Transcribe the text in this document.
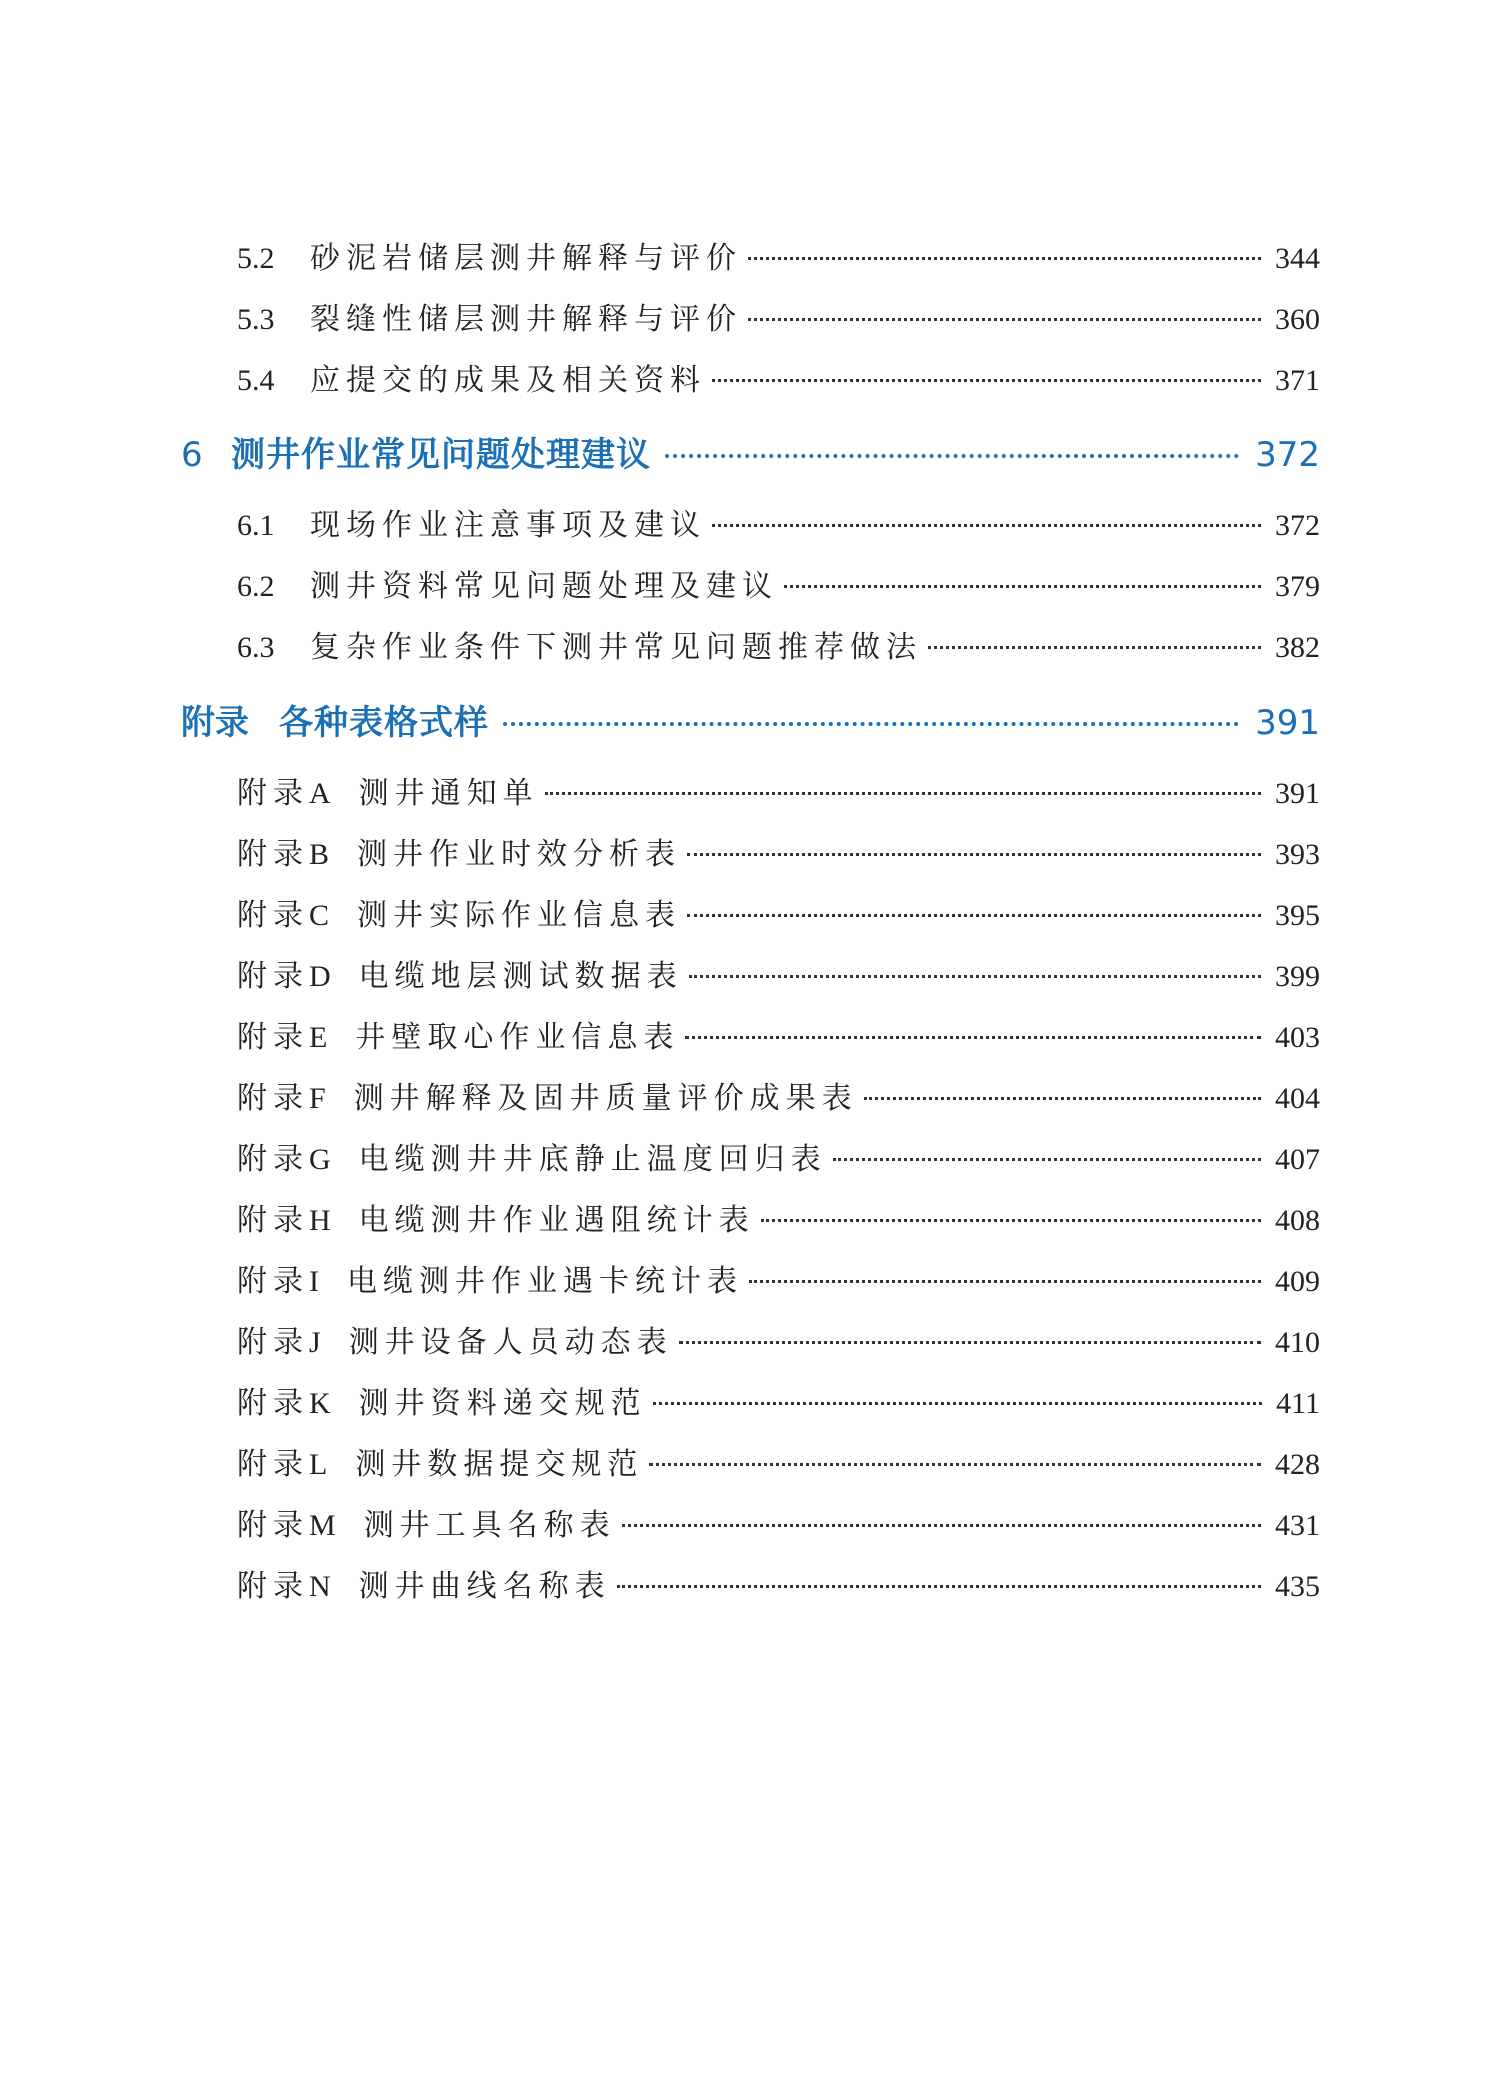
5.2	砂泥岩储层测井解释与评价	344
5.3	裂缝性储层测井解释与评价	360
5.4	应提交的成果及相关资料	371
6 测井作业常见问题处理建议	372
6.1	现场作业注意事项及建议	372
6.2	测井资料常见问题处理及建议	379
6.3	复杂作业条件下测井常见问题推荐做法	382
附录 各种表格式样	391
附录 A 测井通知单	391
附录 B 测井作业时效分析表	393
附录 C 测井实际作业信息表	395
附录 D 电缆地层测试数据表	399
附录 E 井壁取心作业信息表	403
附录 F 测井解释及固井质量评价成果表	404
附录 G 电缆测井井底静止温度回归表	407
附录 H 电缆测井作业遇阻统计表	408
附录 I 电缆测井作业遇卡统计表	409
附录 J 测井设备人员动态表	410
附录 K 测井资料递交规范	411
附录 L 测井数据提交规范	428
附录 M 测井工具名称表	431
附录 N 测井曲线名称表	435
